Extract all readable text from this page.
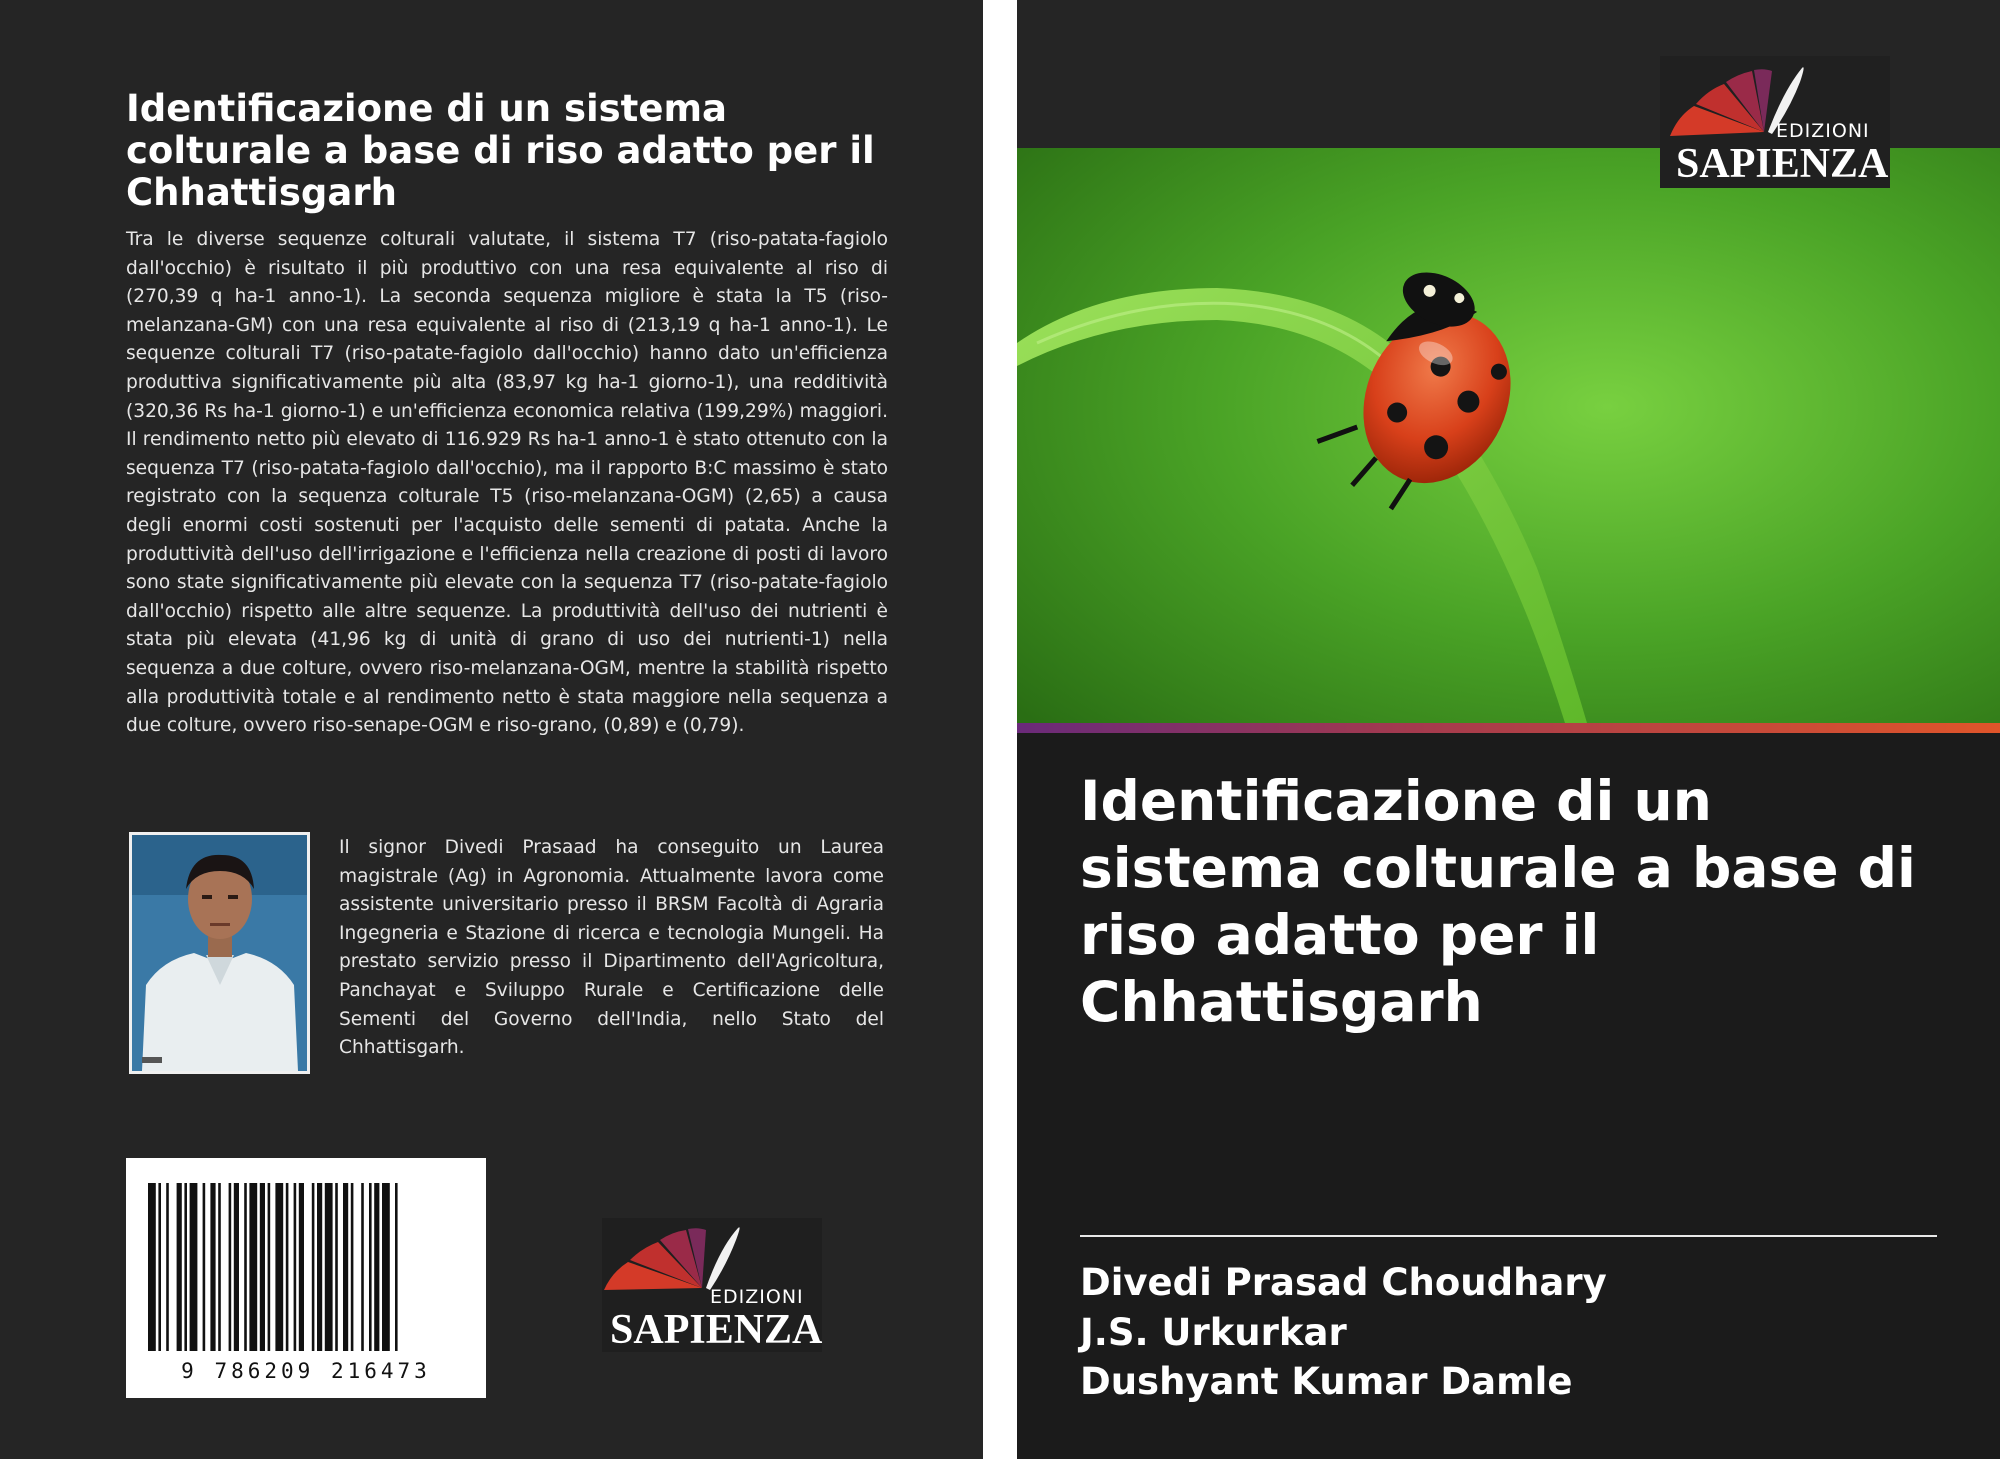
Identificazione di un sistema colturale a base di riso adatto per il Chhattisgarh

Tra le diverse sequenze colturali valutate, il sistema T7 (riso-patata-fagiolo dall'occhio) è risultato il più produttivo con una resa equivalente al riso di (270,39 q ha-1 anno-1). La seconda sequenza migliore è stata la T5 (riso-melanzana-GM) con una resa equivalente al riso di (213,19 q ha-1 anno-1). Le sequenze colturali T7 (riso-patate-fagiolo dall'occhio) hanno dato un'efficienza produttiva significativamente più alta (83,97 kg ha-1 giorno-1), una redditività (320,36 Rs ha-1 giorno-1) e un'efficienza economica relativa (199,29%) maggiori. Il rendimento netto più elevato di 116.929 Rs ha-1 anno-1 è stato ottenuto con la sequenza T7 (riso-patata-fagiolo dall'occhio), ma il rapporto B:C massimo è stato registrato con la sequenza colturale T5 (riso-melanzana-OGM) (2,65) a causa degli enormi costi sostenuti per l'acquisto delle sementi di patata. Anche la produttività dell'uso dell'irrigazione e l'efficienza nella creazione di posti di lavoro sono state significativamente più elevate con la sequenza T7 (riso-patate-fagiolo dall'occhio) rispetto alle altre sequenze. La produttività dell'uso dei nutrienti è stata più elevata (41,96 kg di unità di grano di uso dei nutrienti-1) nella sequenza a due colture, ovvero riso-melanzana-OGM, mentre la stabilità rispetto alla produttività totale e al rendimento netto è stata maggiore nella sequenza a due colture, ovvero riso-senape-OGM e riso-grano, (0,89) e (0,79).

Il signor Divedi Prasaad ha conseguito un Laurea magistrale (Ag) in Agronomia. Attualmente lavora come assistente universitario presso il BRSM Facoltà di Agraria Ingegneria e Stazione di ricerca e tecnologia Mungeli. Ha prestato servizio presso il Dipartimento dell'Agricoltura, Panchayat e Sviluppo Rurale e Certificazione delle Sementi del Governo dell'India, nello Stato del Chhattisgarh.

9 786209 216473
EDIZIONI
SAPIENZA
EDIZIONI
SAPIENZA
Identificazione di un sistema colturale a base di riso adatto per il Chhattisgarh
Divedi Prasad Choudhary
J.S. Urkurkar
Dushyant Kumar Damle
